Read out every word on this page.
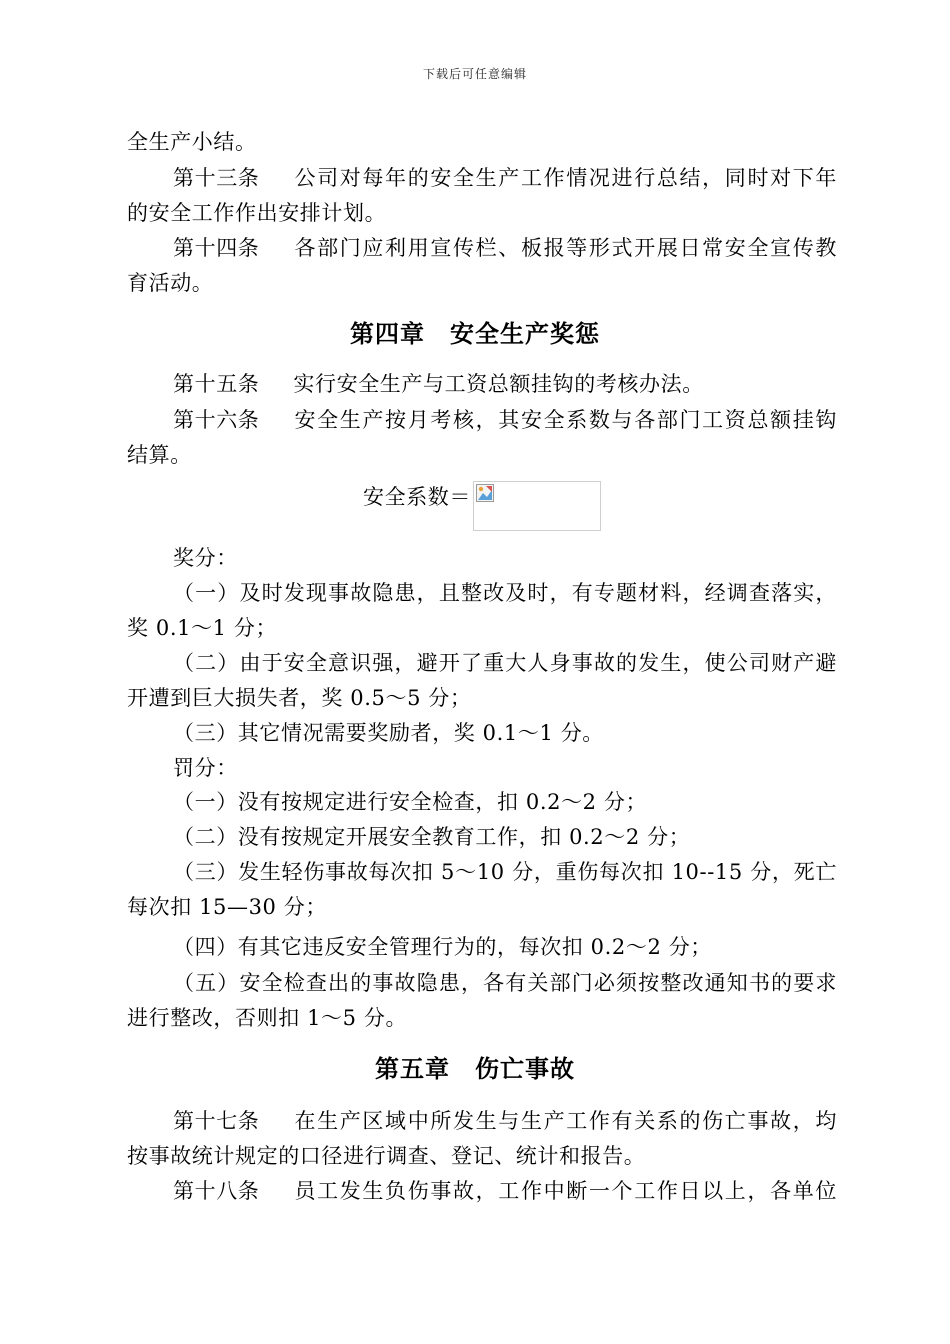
下载后可任意编辑
全生产小结。
第十三条 公司对每年的安全生产工作情况进行总结，同时对下年
的安全工作作出安排计划。
第十四条 各部门应利用宣传栏、板报等形式开展日常安全宣传教
育活动。
第四章　安全生产奖惩
第十五条 实行安全生产与工资总额挂钩的考核办法。
第十六条 安全生产按月考核，其安全系数与各部门工资总额挂钩
结算。
安全系数＝
奖分：
（一）及时发现事故隐患，且整改及时，有专题材料，经调查落实，
奖 0.1～1 分；
（二）由于安全意识强，避开了重大人身事故的发生，使公司财产避
开遭到巨大损失者，奖 0.5～5 分；
（三）其它情况需要奖励者，奖 0.1～1 分。
罚分：
（一）没有按规定进行安全检查，扣 0.2～2 分；
（二）没有按规定开展安全教育工作，扣 0.2～2 分；
（三）发生轻伤事故每次扣 5～10 分，重伤每次扣 10--15 分，死亡
每次扣 15—30 分；
（四）有其它违反安全管理行为的，每次扣 0.2～2 分；
（五）安全检查出的事故隐患，各有关部门必须按整改通知书的要求
进行整改，否则扣 1～5 分。
第五章　伤亡事故
第十七条 在生产区域中所发生与生产工作有关系的伤亡事故，均
按事故统计规定的口径进行调查、登记、统计和报告。
第十八条 员工发生负伤事故，工作中断一个工作日以上，各单位
